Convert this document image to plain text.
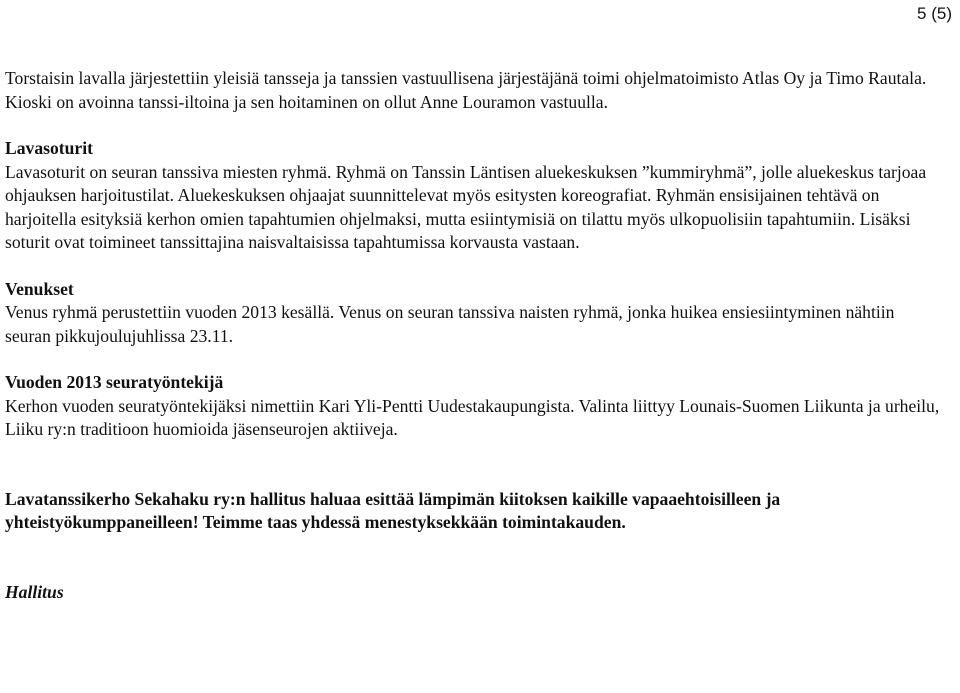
5 (5)

Torstaisin lavalla järjestettiin yleisiä tansseja ja tanssien vastuullisena järjestäjänä toimi ohjelmatoimisto Atlas Oy ja Timo Rautala. Kioski on avoinna tanssi-iltoina ja sen hoitaminen on ollut Anne Louramon vastuulla.

Lavasoturit

Lavasoturit on seuran tanssiva miesten ryhmä. Ryhmä on Tanssin Läntisen aluekeskuksen ”kummiryhmä”, jolle aluekeskus tarjoaa ohjauksen harjoitustilat. Aluekeskuksen ohjaajat suunnittelevat myös esitysten koreografiat. Ryhmän ensisijainen tehtävä on harjoitella esityksiä kerhon omien tapahtumien ohjelmaksi, mutta esiintymisiä on tilattu myös ulkopuolisiin tapahtumiin. Lisäksi soturit ovat toimineet tanssittajina naisvaltaisissa tapahtumissa korvausta vastaan.

Venukset

Venus ryhmä perustettiin vuoden 2013 kesällä. Venus on seuran tanssiva naisten ryhmä, jonka huikea ensiesiintyminen nähtiin seuran pikkujoulujuhlissa 23.11.

Vuoden 2013 seuratyöntekijä

Kerhon vuoden seuratyöntekijäksi nimettiin Kari Yli-Pentti Uudestakaupungista. Valinta liittyy Lounais-Suomen Liikunta ja urheilu, Liiku ry:n traditioon huomioida jäsenseurojen aktiiveja.

Lavatanssikerho Sekahaku ry:n hallitus haluaa esittää lämpimän kiitoksen kaikille vapaaehtoisilleen ja yhteistyökumppaneilleen! Teimme taas yhdessä menestyksekkään toimintakauden.

Hallitus
